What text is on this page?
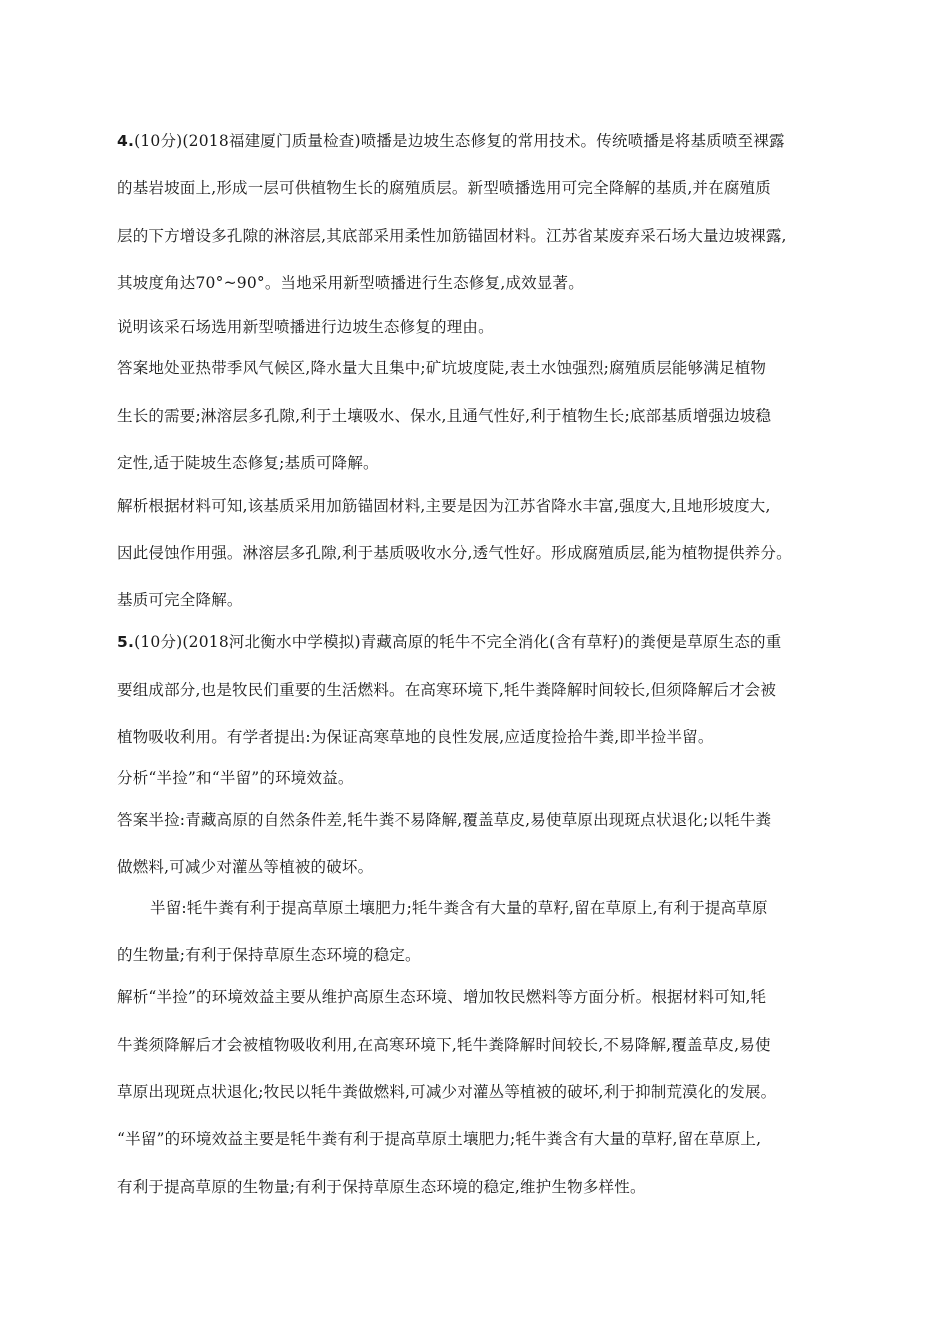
4.(10分)(2018福建厦门质量检查)喷播是边坡生态修复的常用技术。传统喷播是将基质喷至裸露
的基岩坡面上,形成一层可供植物生长的腐殖质层。新型喷播选用可完全降解的基质,并在腐殖质
层的下方增设多孔隙的淋溶层,其底部采用柔性加筋锚固材料。江苏省某废弃采石场大量边坡裸露,
其坡度角达70°~90°。当地采用新型喷播进行生态修复,成效显著。
说明该采石场选用新型喷播进行边坡生态修复的理由。
答案地处亚热带季风气候区,降水量大且集中;矿坑坡度陡,表土水蚀强烈;腐殖质层能够满足植物
生长的需要;淋溶层多孔隙,利于土壤吸水、保水,且通气性好,利于植物生长;底部基质增强边坡稳
定性,适于陡坡生态修复;基质可降解。
解析根据材料可知,该基质采用加筋锚固材料,主要是因为江苏省降水丰富,强度大,且地形坡度大,
因此侵蚀作用强。淋溶层多孔隙,利于基质吸收水分,透气性好。形成腐殖质层,能为植物提供养分。
基质可完全降解。
5.(10分)(2018河北衡水中学模拟)青藏高原的牦牛不完全消化(含有草籽)的粪便是草原生态的重
要组成部分,也是牧民们重要的生活燃料。在高寒环境下,牦牛粪降解时间较长,但须降解后才会被
植物吸收利用。有学者提出:为保证高寒草地的良性发展,应适度捡拾牛粪,即半捡半留。
分析“半捡”和“半留”的环境效益。
答案半捡:青藏高原的自然条件差,牦牛粪不易降解,覆盖草皮,易使草原出现斑点状退化;以牦牛粪
做燃料,可减少对灌丛等植被的破坏。
半留:牦牛粪有利于提高草原土壤肥力;牦牛粪含有大量的草籽,留在草原上,有利于提高草原
的生物量;有利于保持草原生态环境的稳定。
解析“半捡”的环境效益主要从维护高原生态环境、增加牧民燃料等方面分析。根据材料可知,牦
牛粪须降解后才会被植物吸收利用,在高寒环境下,牦牛粪降解时间较长,不易降解,覆盖草皮,易使
草原出现斑点状退化;牧民以牦牛粪做燃料,可减少对灌丛等植被的破坏,利于抑制荒漠化的发展。
“半留”的环境效益主要是牦牛粪有利于提高草原土壤肥力;牦牛粪含有大量的草籽,留在草原上,
有利于提高草原的生物量;有利于保持草原生态环境的稳定,维护生物多样性。
